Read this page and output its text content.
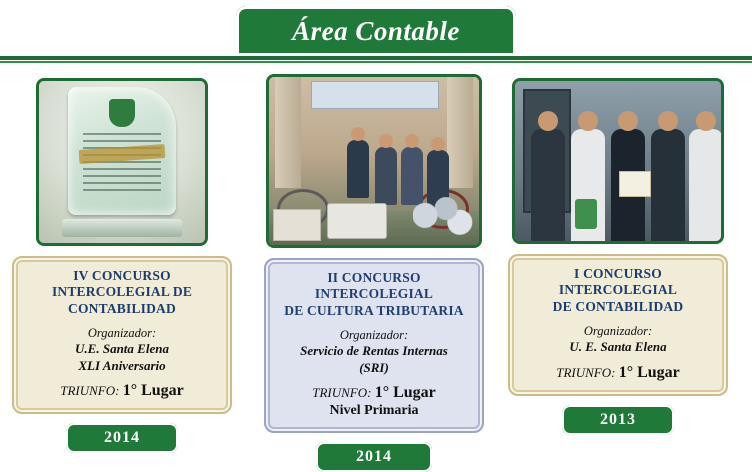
Área Contable
IV CONCURSO
INTERCOLEGIAL DE
CONTABILIDAD
Organizador:
U.E. Santa Elena
XLI Aniversario
TRIUNFO: 1° Lugar
2014
II CONCURSO
INTERCOLEGIAL
DE CULTURA TRIBUTARIA
Organizador:
Servicio de Rentas Internas
(SRI)
TRIUNFO: 1° Lugar
Nivel Primaria
2014
I CONCURSO
INTERCOLEGIAL
DE CONTABILIDAD
Organizador:
U. E. Santa Elena
TRIUNFO: 1° Lugar
2013
